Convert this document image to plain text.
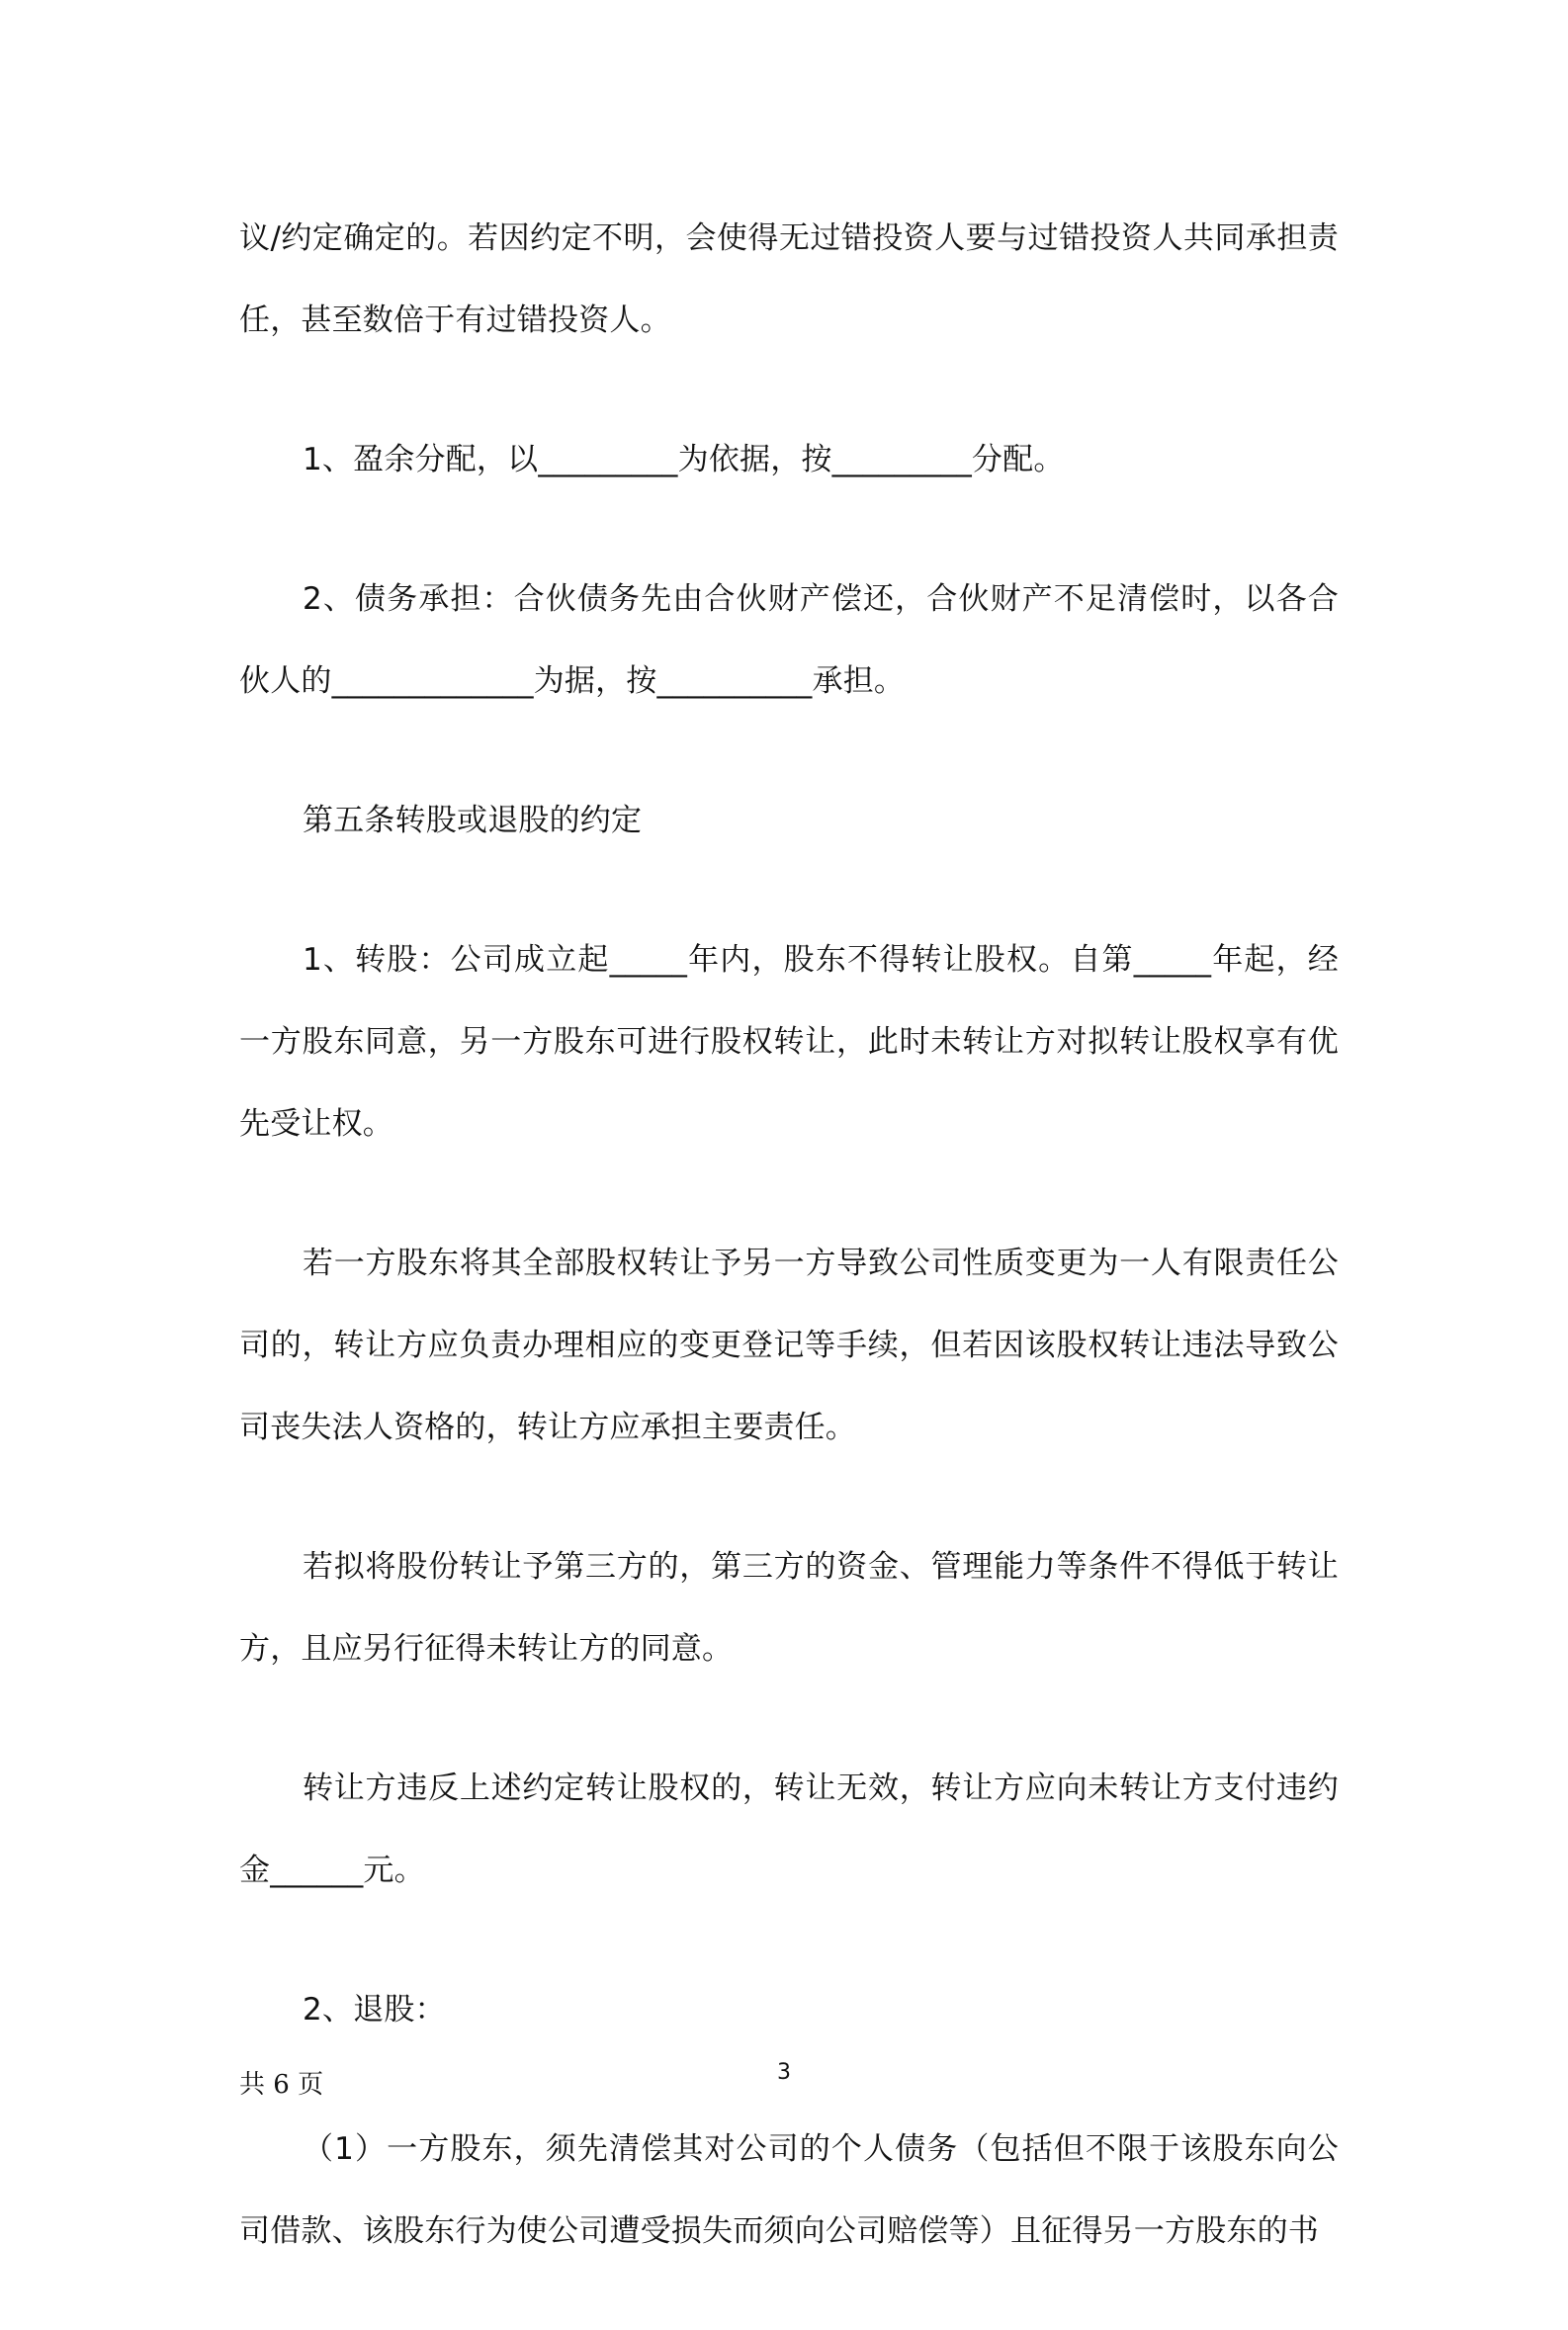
议/约定确定的。若因约定不明，会使得无过错投资人要与过错投资人共同承担责任，甚至数倍于有过错投资人。

1、盈余分配，以_________为依据，按_________分配。

2、债务承担：合伙债务先由合伙财产偿还，合伙财产不足清偿时，以各合伙人的_____________为据，按__________承担。

第五条转股或退股的约定

1、转股：公司成立起_____年内，股东不得转让股权。自第_____年起，经一方股东同意，另一方股东可进行股权转让，此时未转让方对拟转让股权享有优先受让权。

若一方股东将其全部股权转让予另一方导致公司性质变更为一人有限责任公司的，转让方应负责办理相应的变更登记等手续，但若因该股权转让违法导致公司丧失法人资格的，转让方应承担主要责任。

若拟将股份转让予第三方的，第三方的资金、管理能力等条件不得低于转让方，且应另行征得未转让方的同意。

转让方违反上述约定转让股权的，转让无效，转让方应向未转让方支付违约金______元。

2、退股：

（1）一方股东，须先清偿其对公司的个人债务（包括但不限于该股东向公司借款、该股东行为使公司遭受损失而须向公司赔偿等）且征得另一方股东的书

共 6 页	3
